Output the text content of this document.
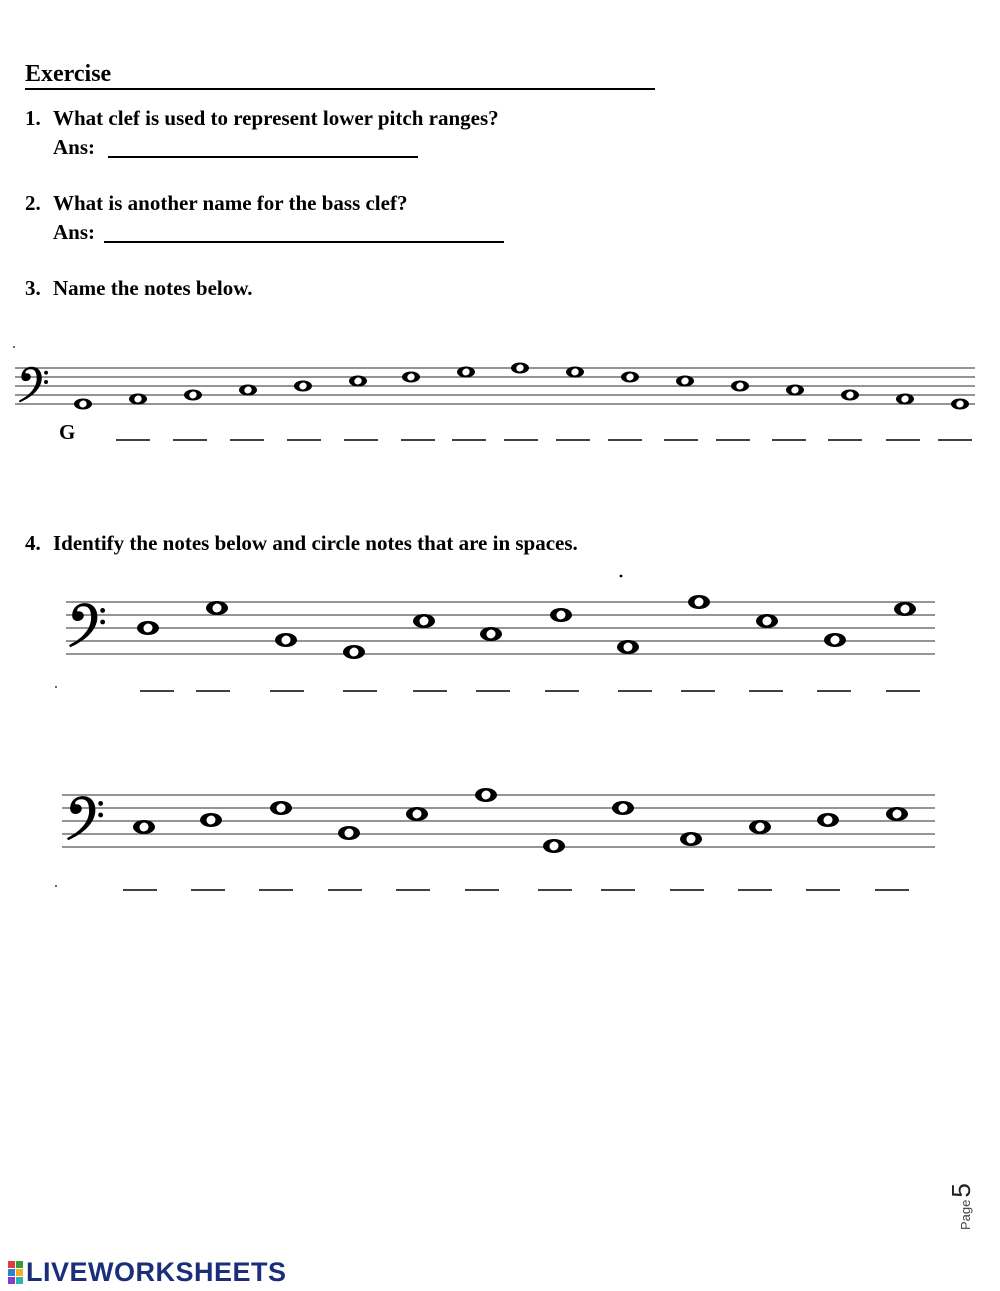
Exercise
1. What clef is used to represent lower pitch ranges?
Ans:
2. What is another name for the bass clef?
Ans:
3. Name the notes below.
G
4. Identify the notes below and circle notes that are in spaces.
Page5
LIVEWORKSHEETS
